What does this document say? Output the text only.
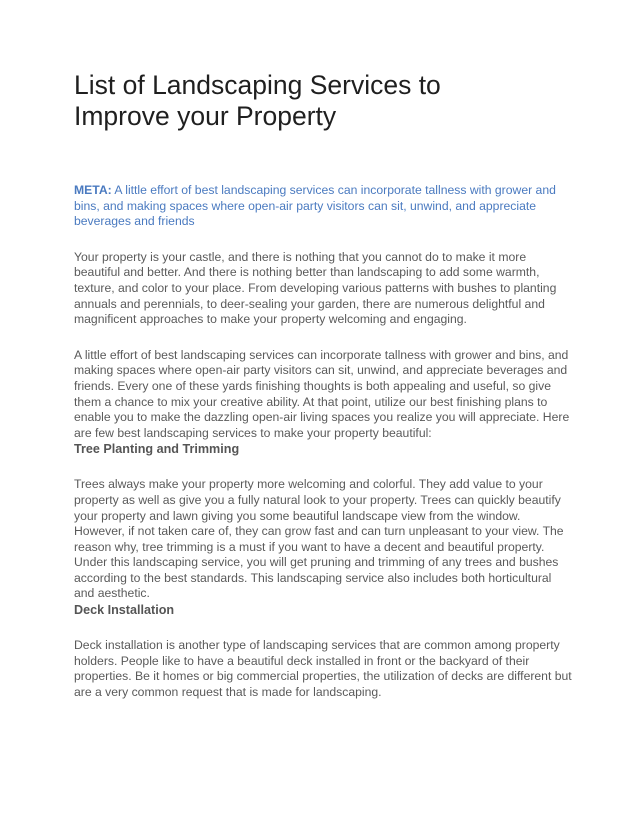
List of Landscaping Services to
Improve your Property

META: A little effort of best landscaping services can incorporate tallness with grower and bins, and making spaces where open-air party visitors can sit, unwind, and appreciate beverages and friends

Your property is your castle, and there is nothing that you cannot do to make it more beautiful and better. And there is nothing better than landscaping to add some warmth, texture, and color to your place. From developing various patterns with bushes to planting annuals and perennials, to deer-sealing your garden, there are numerous delightful and magnificent approaches to make your property welcoming and engaging.

A little effort of best landscaping services can incorporate tallness with grower and bins, and making spaces where open-air party visitors can sit, unwind, and appreciate beverages and friends. Every one of these yards finishing thoughts is both appealing and useful, so give them a chance to mix your creative ability. At that point, utilize our best finishing plans to enable you to make the dazzling open-air living spaces you realize you will appreciate. Here are few best landscaping services to make your property beautiful:

Tree Planting and Trimming

Trees always make your property more welcoming and colorful. They add value to your property as well as give you a fully natural look to your property. Trees can quickly beautify your property and lawn giving you some beautiful landscape view from the window. However, if not taken care of, they can grow fast and can turn unpleasant to your view. The reason why, tree trimming is a must if you want to have a decent and beautiful property. Under this landscaping service, you will get pruning and trimming of any trees and bushes according to the best standards. This landscaping service also includes both horticultural and aesthetic.

Deck Installation

Deck installation is another type of landscaping services that are common among property holders. People like to have a beautiful deck installed in front or the backyard of their properties. Be it homes or big commercial properties, the utilization of decks are different but are a very common request that is made for landscaping.
